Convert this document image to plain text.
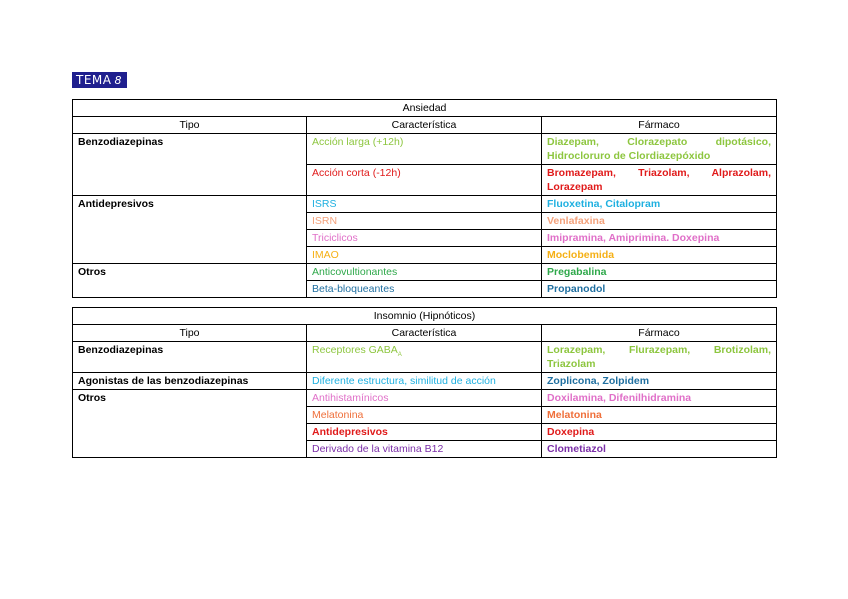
TEMA 8
Ansiedad		
Tipo	Característica	Fármaco
Benzodiazepinas	Acción larga (+12h)	Diazepam, Clorazepato dipotásico, Hidrocloruro de Clordiazepóxido
	Acción corta (-12h)	Bromazepam, Triazolam, Alprazolam, Lorazepam
Antidepresivos	ISRS	Fluoxetina, Citalopram
	ISRN	Venlafaxina
	Triciclicos	Imipramina, Amiprimina. Doxepina
	IMAO	Moclobemida
Otros	Anticovultionantes	Pregabalina
	Beta-bloqueantes	Propanodol
Insomnio (Hipnóticos)		
Tipo	Característica	Fármaco
Benzodiazepinas	Receptores $GABA_A$	Lorazepam, Flurazepam, Brotizolam, Triazolam
Agonistas de las benzodiazepinas	Diferente estructura, similitud de acción	Zoplicona, Zolpidem
Otros	Antihistamínicos	Doxilamina, Difenilhidramina
	Melatonina	Melatonina
	Antidepresivos	Doxepina
	Derivado de la vitamina B12	Clometiazol
